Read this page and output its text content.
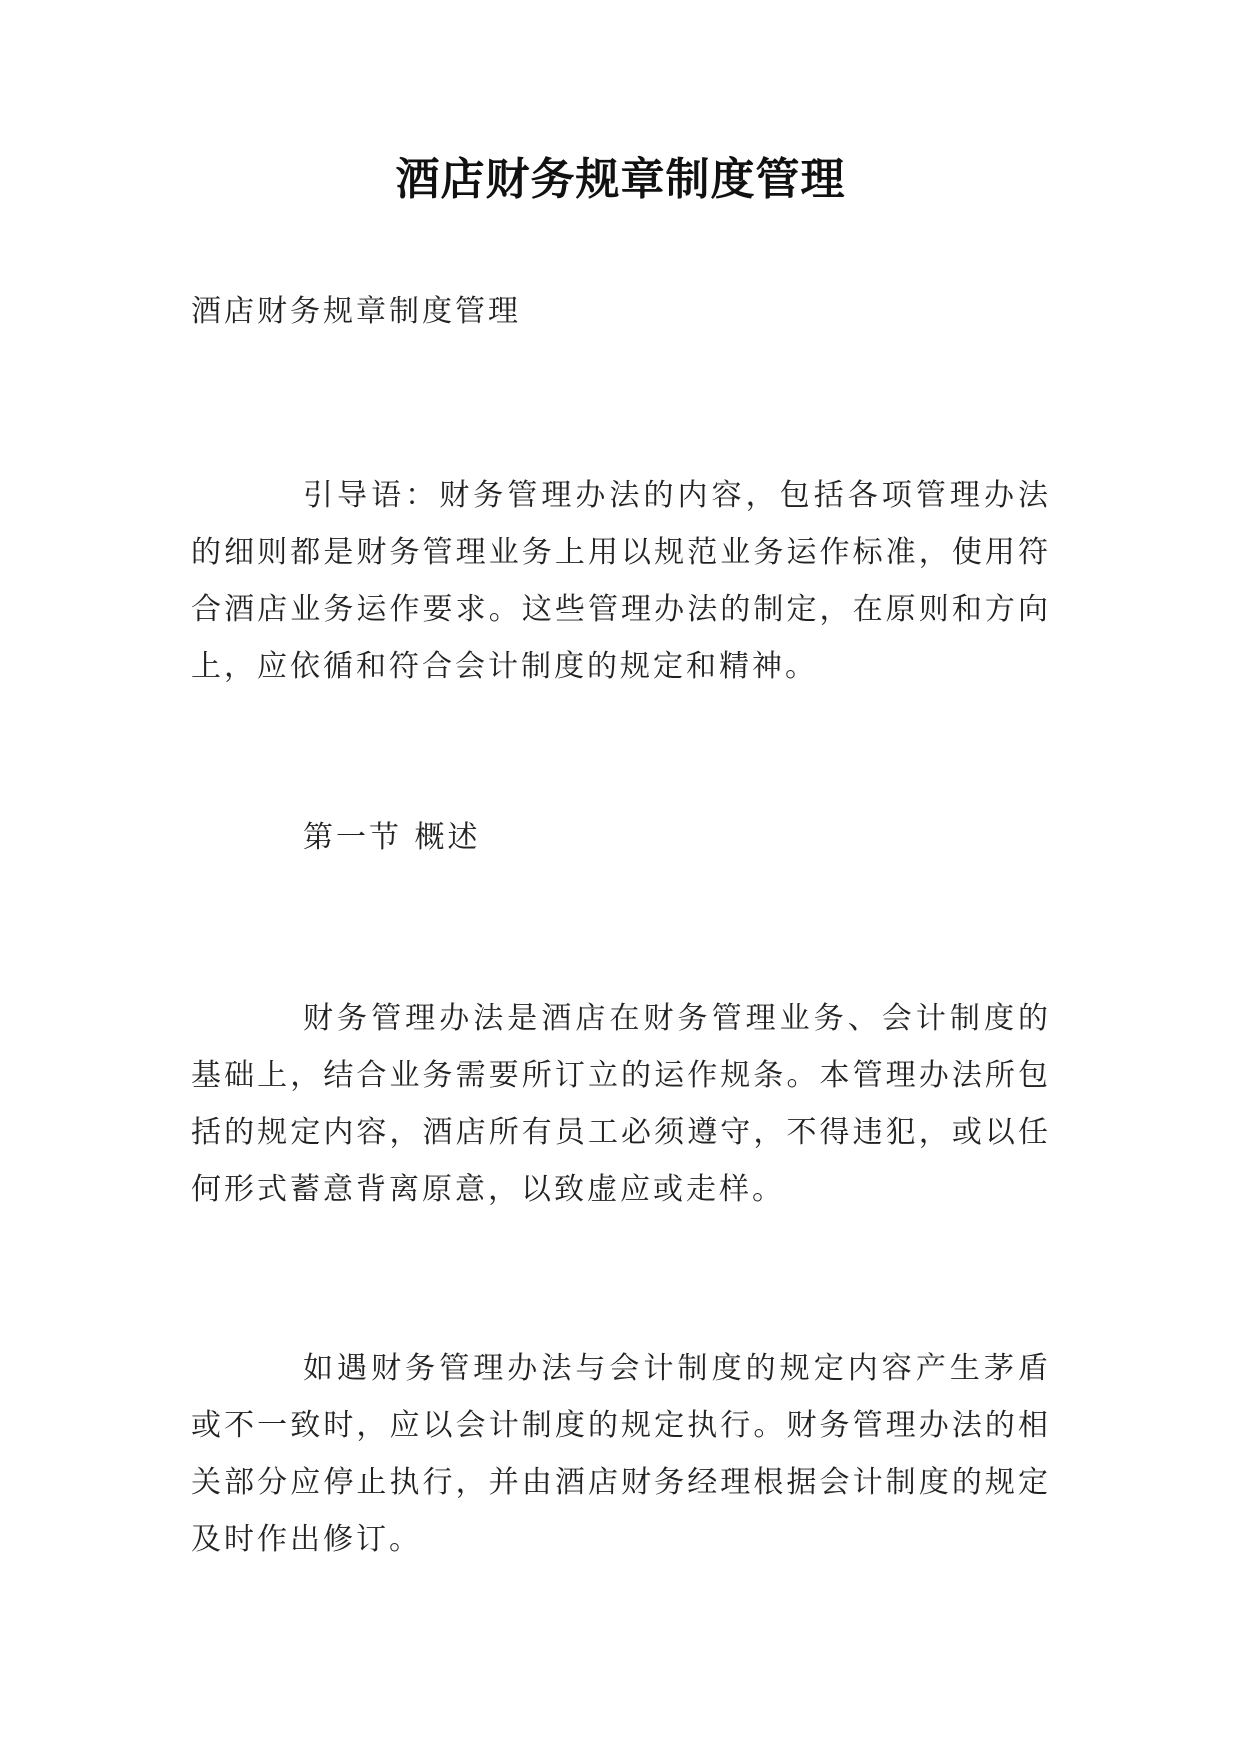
酒店财务规章制度管理
酒店财务规章制度管理

引导语：财务管理办法的内容，包括各项管理办法的细则都是财务管理业务上用以规范业务运作标准，使用符合酒店业务运作要求。这些管理办法的制定，在原则和方向上，应依循和符合会计制度的规定和精神。

第一节 概述

财务管理办法是酒店在财务管理业务、会计制度的基础上，结合业务需要所订立的运作规条。本管理办法所包括的规定内容，酒店所有员工必须遵守，不得违犯，或以任何形式蓄意背离原意，以致虚应或走样。

如遇财务管理办法与会计制度的规定内容产生茅盾或不一致时，应以会计制度的规定执行。财务管理办法的相关部分应停止执行，并由酒店财务经理根据会计制度的规定及时作出修订。
